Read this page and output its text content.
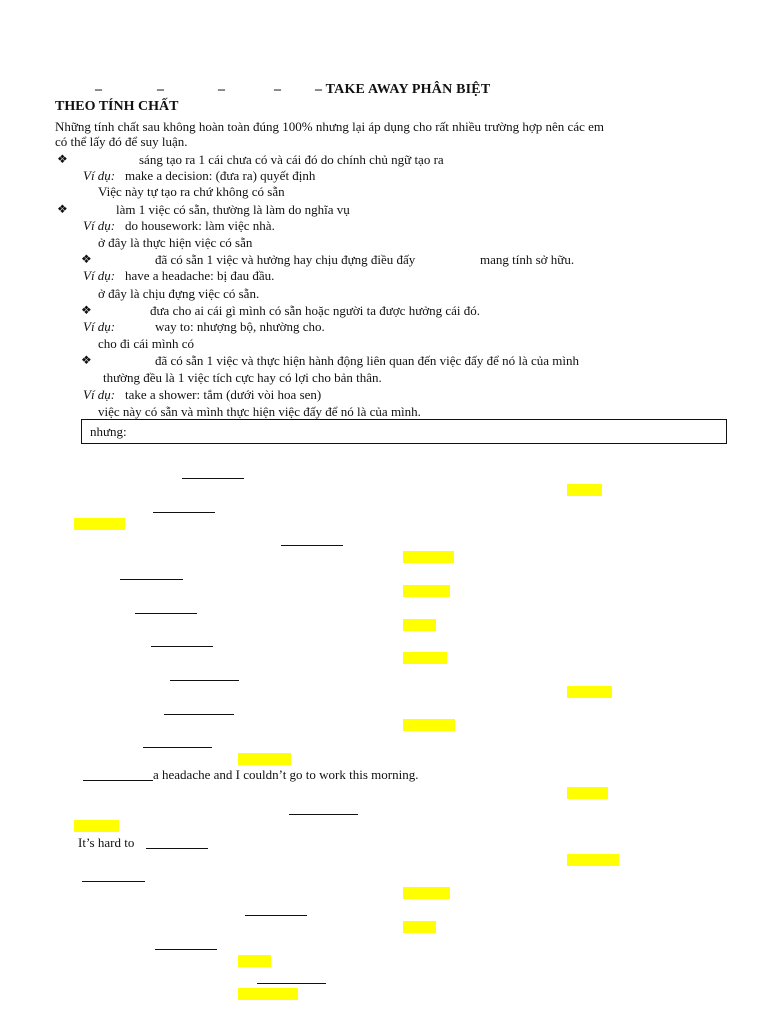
–	–	–	– – TAKE AWAY PHÂN BIỆT
THEO TÍNH CHẤT
Những tính chất sau không hoàn toàn đúng 100% nhưng lại áp dụng cho rất nhiều trường hợp nên các em
có thể lấy đó để suy luận.
❖	sáng tạo ra 1 cái chưa có và cái đó do chính chủ ngữ tạo ra
Ví dụ: make a decision: (đưa ra) quyết định
Việc này tự tạo ra chứ không có sẵn
❖	làm 1 việc có sẵn, thường là làm do nghĩa vụ
Ví dụ: do housework: làm việc nhà.
ở đây là thực hiện việc có sẵn
❖	đã có sẵn 1 việc và hưởng hay chịu đựng điều đấy	mang tính sở hữu.
Ví dụ: have a headache: bị đau đầu.
ở đây là chịu đựng việc có sẵn.
❖	đưa cho ai cái gì mình có sẵn hoặc người ta được hưởng cái đó.
Ví dụ:	way to: nhượng bộ, nhường cho.
cho đi cái mình có
❖	đã có sẵn 1 việc và thực hiện hành động liên quan đến việc đấy để nó là của mình
thường đều là 1 việc tích cực hay có lợi cho bản thân.
Ví dụ: take a shower: tắm (dưới vòi hoa sen)
việc này có sẵn và mình thực hiện việc đấy để nó là của mình.
nhưng:
a headache and I couldn’t go to work this morning.
It’s hard to
